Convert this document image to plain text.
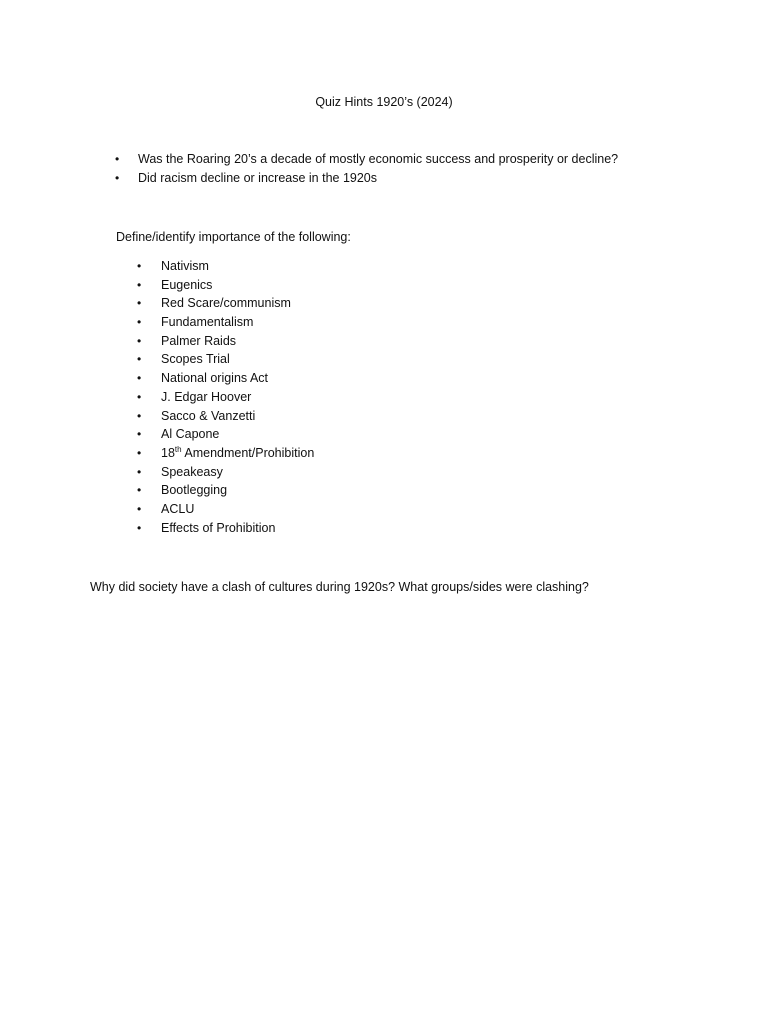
Quiz Hints 1920’s (2024)
• Was the Roaring 20’s a decade of mostly economic success and prosperity or decline?
• Did racism decline or increase in the 1920s
Define/identify importance of the following:
• Nativism
• Eugenics
• Red Scare/communism
• Fundamentalism
• Palmer Raids
• Scopes Trial
• National origins Act
• J. Edgar Hoover
• Sacco & Vanzetti
• Al Capone
• 18th Amendment/Prohibition
• Speakeasy
• Bootlegging
• ACLU
• Effects of Prohibition
Why did society have a clash of cultures during 1920s? What groups/sides were clashing?
